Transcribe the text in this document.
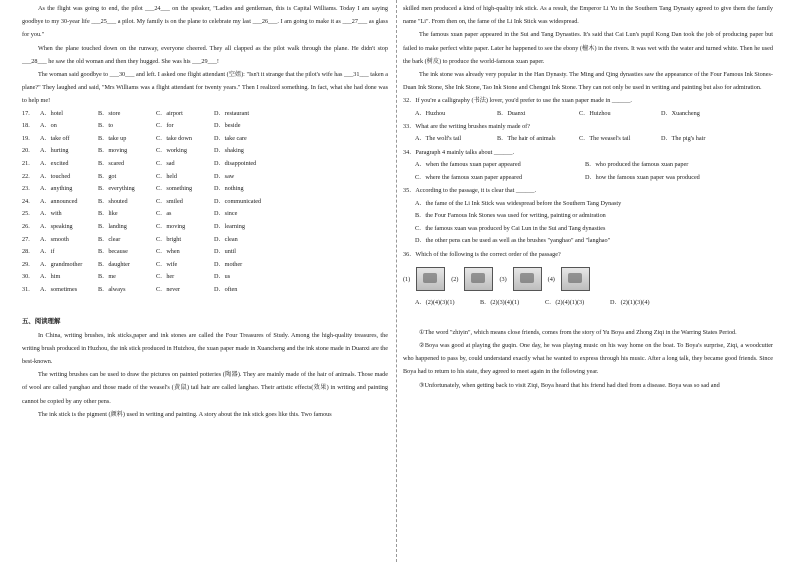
As the flight was going to end, the pilot ___24___ on the speaker, "Ladies and gentleman, this is Capital Williams. Today I am saying goodbye to my 30-year life ___25___ a pilot. My family is on the plane to celebrate my last ___26___. I am going to make it as ___27___ as glass for you."

When the plane touched down on the runway, everyone cheered. They all clapped as the pilot walk through the plane. He didn't stop ___28___ he saw the old woman and then they hugged. She was his ___29___!

The woman said goodbye to ___30___ and left. I asked one flight attendant (空姐): "Isn't it strange that the pilot's wife has ___31___ taken a plane?" They laughed and said, "Mrs Williams was a flight attendant for twenty years." Then I realized something. In fact, what she had done was to help me!

17.	A．hotel	B．store	C．airport	D．restaurant
18.	A．on	B．to	C．for	D．beside
19.	A．take off	B．take up	C．take down	D．take care
20.	A．hurting	B．moving	C．working	D．shaking
21.	A．excited	B．scared	C．sad	D．disappointed
22.	A．touched	B．got	C．held	D．saw
23.	A．anything	B．everything	C．something	D．nothing
24.	A．announced	B．shouted	C．smiled	D．communicated
25.	A．with	B．like	C．as	D．since
26.	A．speaking	B．landing	C．moving	D．learning
27.	A．smooth	B．clear	C．bright	D．clean
28.	A．if	B．because	C．when	D．until
29.	A．grandmother	B．daughter	C．wife	D．mother
30.	A．him	B．me	C．her	D．us
31.	A．sometimes	B．always	C．never	D．often

五、阅读理解

In China, writing brushes, ink sticks,paper and ink stones are called the Four Treasures of Study. Among the high-quality treasures, the writing brush produced in Huzhou, the ink stick produced in Huizhou, the xuan paper made in Xuancheng and the ink stone made in Duanxi are the best-known.

The writing brushes can be used to draw the pictures on painted potteries (陶器). They are mainly made of the hair of animals. Those made of wool are called yanghao and those made of the weasel's (黄鼠) tail hair are called langhao. Their artistic effects(效果) in writing and painting cannot be copied by any other pens.

The ink stick is the pigment (颜料) used in writing and painting. A story about the ink stick goes like this. Two famous

skilled men produced a kind of high-quality ink stick. As a result, the Emperor Li Yu in the Southern Tang Dynasty agreed to give them the family name "Li". From then on, the fame of the Li Ink Stick was widespread.

The famous xuan paper appeared in the Sui and Tang Dynasties. It's said that Cai Lun's pupil Kong Dan took the job of producing paper but failed to make perfect white paper. Later he happened to see the ebony (檀木) in the rivers. It was wet with the water and turned white. Then he used the bark (树皮) to produce the world-famous xuan paper.

The ink stone was already very popular in the Han Dynasty. The Ming and Qing dynasties saw the appearance of the Four Famous Ink Stones-Duan Ink Stone, She Ink Stone, Tao Ink Stone and Chengni Ink Stone. They can not only be used in writing and painting but also for admiration.

32．If you're a calligraphy (书法) lover, you'd prefer to use the xuan paper made in ______.

A．Huzhou	B．Duanxi	C．Huizhou	D．Xuancheng

33．What are the writing brushes mainly made of?

A．The wolf's tail	B．The hair of animals	C．The weasel's tail	D．The pig's hair

34．Paragraph 4 mainly talks about ______.

A．when the famous xuan paper appeared	B．who produced the famous xuan paper
C．where the famous xuan paper appeared	D．how the famous xuan paper was produced

35．According to the passage, it is clear that ______.

A．the fame of the Li Ink Stick was widespread before the Southern Tang Dynasty
B．the Four Famous Ink Stones was used for writing, painting or admiration
C．the famous xuan was produced by Cai Lun in the Sui and Tang dynasties
D．the other pens can be used as well as the brushes "yanghao" and "langhao"

36．Which of the following is the correct order of the passage?

(1)	(2)	(3)	(4)
A．(2)(4)(3)(1)	B．(2)(3)(4)(1)	C．(2)(4)(1)(3)	D．(2)(1)(3)(4)

①The word "zhiyin", which means close friends, comes from the story of Yu Boya and Zhong Ziqi in the Warring States Period.

②Boya was good at playing the guqin. One day, he was playing music on his way home on the boat. To Boya's surprise, Ziqi, a woodcutter who happened to pass by, could understand exactly what he wanted to express through his music. After a long talk, they became good friends. Since Boya had to return to his state, they agreed to meet again in the following year.

③Unfortunately, when getting back to visit Ziqi, Boya heard that his friend had died from a disease. Boya was so sad and
